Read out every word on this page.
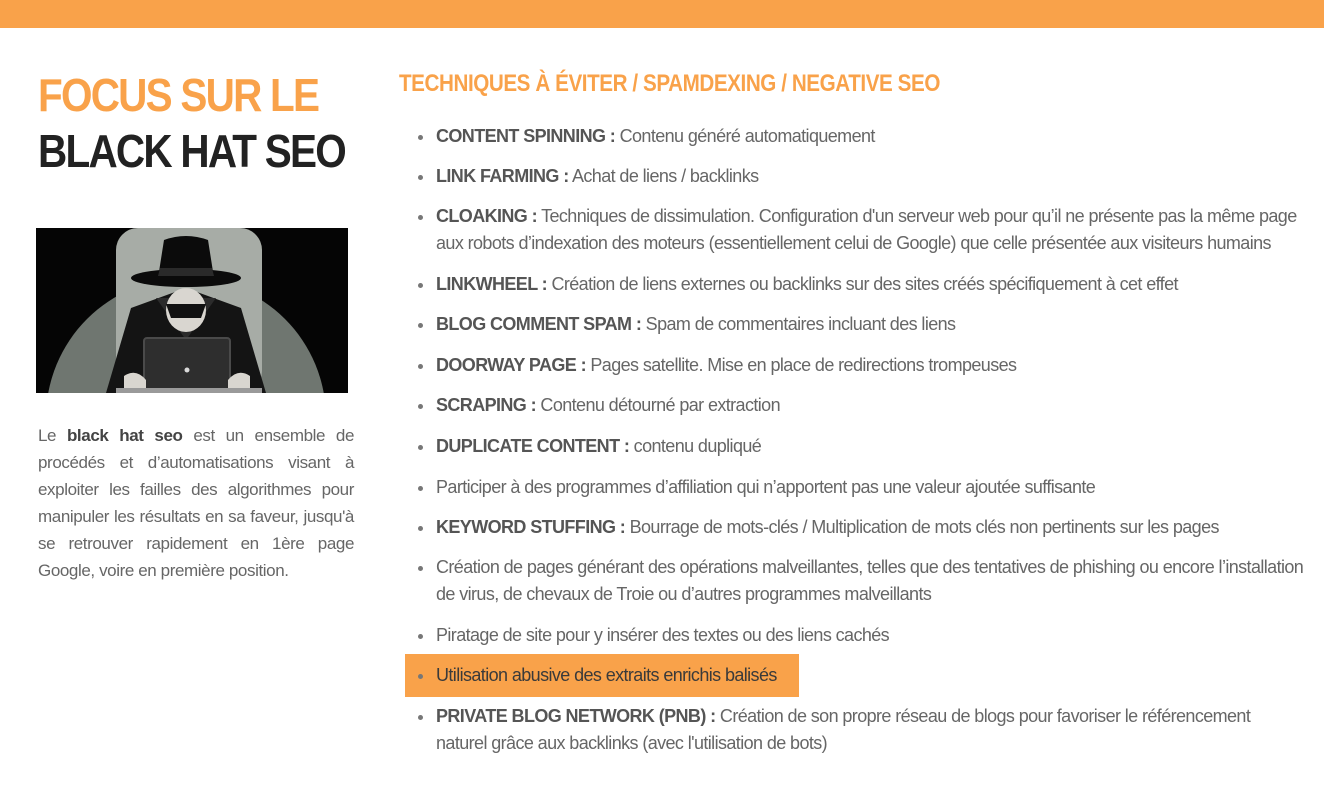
FOCUS SUR LE
BLACK HAT SEO

Le black hat seo est un ensemble de procédés et d’automatisations visant à exploiter les failles des algorithmes pour manipuler les résultats en sa faveur, jusqu'à se retrouver rapidement en 1ère page Google, voire en première position.

TECHNIQUES À ÉVITER / SPAMDEXING / NEGATIVE SEO
CONTENT SPINNING : Contenu généré automatiquement
LINK FARMING : Achat de liens / backlinks
CLOAKING : Techniques de dissimulation. Configuration d'un serveur web pour qu’il ne présente pas la même page aux robots d’indexation des moteurs (essentiellement celui de Google) que celle présentée aux visiteurs humains
LINKWHEEL : Création de liens externes ou backlinks sur des sites créés spécifiquement à cet effet
BLOG COMMENT SPAM : Spam de commentaires incluant des liens
DOORWAY PAGE : Pages satellite. Mise en place de redirections trompeuses
SCRAPING : Contenu détourné par extraction
DUPLICATE CONTENT : contenu dupliqué
Participer à des programmes d’affiliation qui n’apportent pas une valeur ajoutée suffisante
KEYWORD STUFFING : Bourrage de mots-clés / Multiplication de mots clés non pertinents sur les pages
Création de pages générant des opérations malveillantes, telles que des tentatives de phishing ou encore l’installation de virus, de chevaux de Troie ou d’autres programmes malveillants
Piratage de site pour y insérer des textes ou des liens cachés
Utilisation abusive des extraits enrichis balisés
PRIVATE BLOG NETWORK (PNB) : Création de son propre réseau de blogs pour favoriser le référencement naturel grâce aux backlinks (avec l'utilisation de bots)
